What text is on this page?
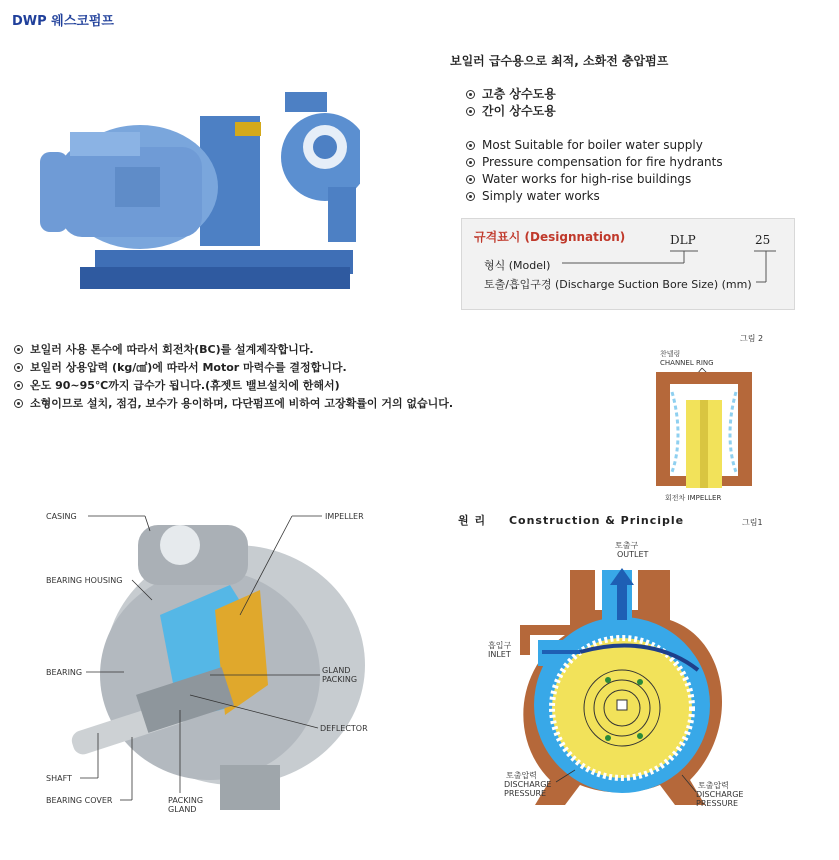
DWP 웨스코펌프
보일러 급수용으로 최적, 소화전 충압펌프
고층 상수도용
간이 상수도용
Most Suitable for boiler water supply
Pressure compensation for fire hydrants
Water works for high-rise buildings
Simply water works
규격표시 (Designnation)	DLP	25
형식 (Model)
토출/흡입구경 (Discharge Suction Bore Size) (mm)
보일러 사용 톤수에 따라서 회전차(BC)를 설계제작합니다.
보일러 상용압력 (kg/㎠)에 따라서 Motor 마력수를 결정합니다.
온도 90~95℃까지 급수가 됩니다.(휴젯트 밸브설치에 한해서)
소형이므로 설치, 점검, 보수가 용이하며, 다단펌프에 비하여 고장확률이 거의 없습니다.
그림 2
찬넬링
CHANNEL RING
회전차 IMPELLER
CASING
BEARING HOUSING
BEARING
SHAFT
BEARING COVER	PACKING
GLAND
IMPELLER
GLAND
PACKING
DEFLECTOR
원 리 Construction & Principle	그림1
토출구
OUTLET
흡입구
INLET
토출압력
DISCHARGE
PRESSURE
토출압력
DISCHARGE
PRESSURE
